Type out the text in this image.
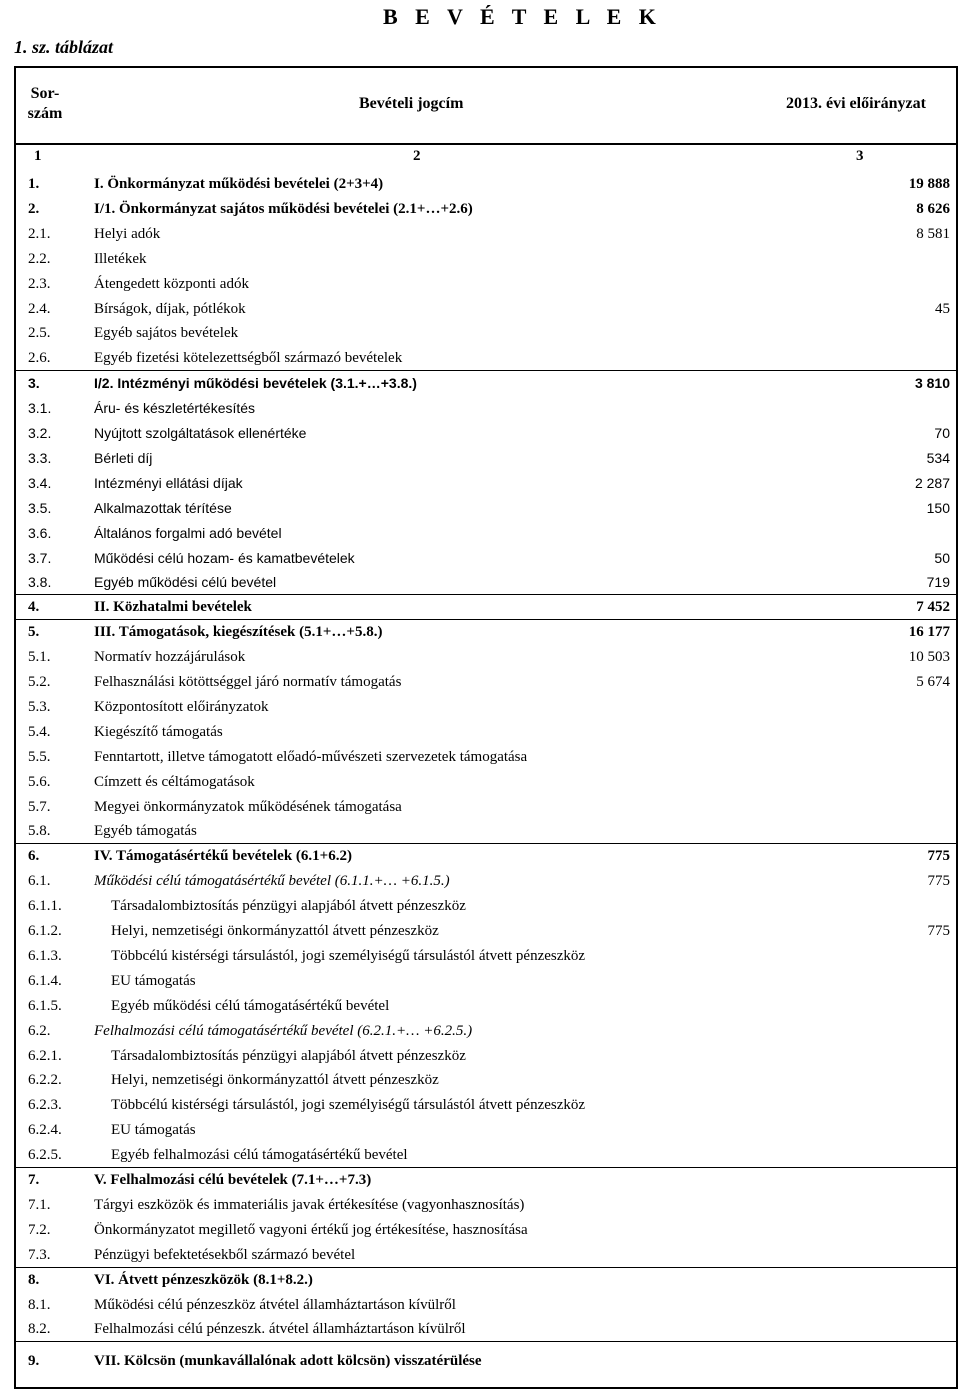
1. sz. táblázat
B E V É T E L E K
Sor-
szám
Bevételi jogcím	2013. évi előirányzat
1	2	3
1.	I. Önkormányzat működési bevételei (2+3+4)	19 888
2.	I/1. Önkormányzat sajátos működési bevételei (2.1+…+2.6)	8 626
2.1.	Helyi adók	8 581
2.2.	Illetékek
2.3.	Átengedett központi adók
2.4.	Bírságok, díjak, pótlékok	45
2.5.	Egyéb sajátos bevételek
2.6.	Egyéb fizetési kötelezettségből származó bevételek
3.	I/2. Intézményi működési bevételek (3.1.+…+3.8.)	3 810
3.1.	Áru- és készletértékesítés
3.2.	Nyújtott szolgáltatások ellenértéke	70
3.3.	Bérleti díj	534
3.4.	Intézményi ellátási díjak	2 287
3.5.	Alkalmazottak térítése	150
3.6.	Általános forgalmi adó bevétel
3.7.	Működési célú hozam- és kamatbevételek	50
3.8.	Egyéb működési célú bevétel	719
4.	II. Közhatalmi bevételek	7 452
5.	III. Támogatások, kiegészítések (5.1+…+5.8.)	16 177
5.1.	Normatív hozzájárulások	10 503
5.2.	Felhasználási kötöttséggel járó normatív támogatás	5 674
5.3.	Központosított előirányzatok
5.4.	Kiegészítő támogatás
5.5.	Fenntartott, illetve támogatott előadó-művészeti szervezetek támogatása
5.6.	Címzett és céltámogatások
5.7.	Megyei önkormányzatok működésének támogatása
5.8.	Egyéb támogatás
6.	IV. Támogatásértékű bevételek (6.1+6.2)	775
6.1.	Működési célú támogatásértékű bevétel (6.1.1.+… +6.1.5.)	775
6.1.1.	Társadalombiztosítás pénzügyi alapjából átvett pénzeszköz
6.1.2.	Helyi, nemzetiségi önkormányzattól átvett pénzeszköz	775
6.1.3.	Többcélú kistérségi társulástól, jogi személyiségű társulástól átvett pénzeszköz
6.1.4.	EU támogatás
6.1.5.	Egyéb működési célú támogatásértékű bevétel
6.2.	Felhalmozási célú támogatásértékű bevétel (6.2.1.+… +6.2.5.)
6.2.1.	Társadalombiztosítás pénzügyi alapjából átvett pénzeszköz
6.2.2.	Helyi, nemzetiségi önkormányzattól átvett pénzeszköz
6.2.3.	Többcélú kistérségi társulástól, jogi személyiségű társulástól átvett pénzeszköz
6.2.4.	EU támogatás
6.2.5.	Egyéb felhalmozási célú támogatásértékű bevétel
7.	V. Felhalmozási célú bevételek (7.1+…+7.3)
7.1.	Tárgyi eszközök és immateriális javak értékesítése (vagyonhasznosítás)
7.2.	Önkormányzatot megillető vagyoni értékű jog értékesítése, hasznosítása
7.3.	Pénzügyi befektetésekből származó bevétel
8.	VI. Átvett pénzeszközök (8.1+8.2.)
8.1.	Működési célú pénzeszköz átvétel államháztartáson kívülről
8.2.	Felhalmozási célú pénzeszk. átvétel államháztartáson kívülről
9.	VII. Kölcsön (munkavállalónak adott kölcsön) visszatérülése
